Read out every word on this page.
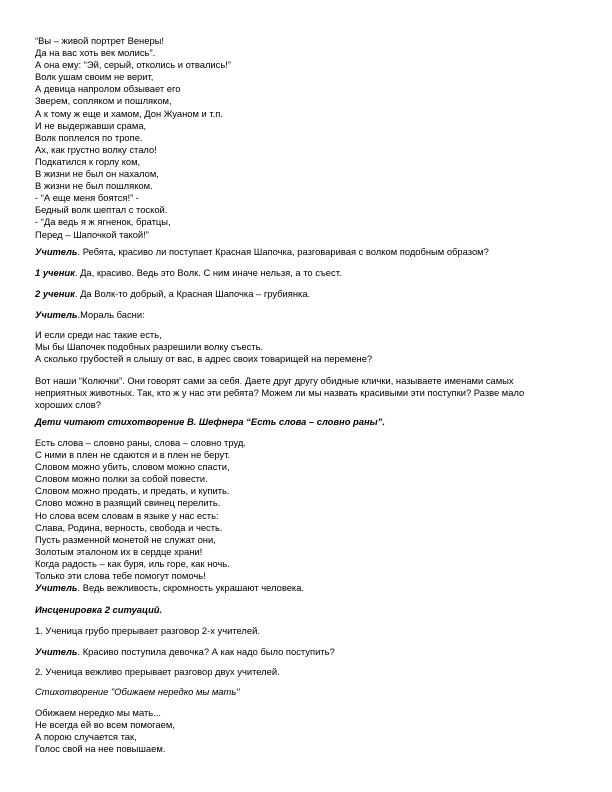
“Вы – живой портрет Венеры!
Да на вас хоть век молись”.
А она ему: “Эй, серый, отколись и отвались!”
Волк ушам своим не верит,
А девица напролом обзывает его
Зверем, сопляком и пошляком,
А к тому ж еще и хамом, Дон Жуаном и т.п.
И не выдержавши срама,
Волк поплелся по тропе.
Ах, как грустно волку стало!
Подкатился к горлу ком,
В жизни не был он нахалом,
В жизни не был пошляком.
- “А еще меня боятся!” -
Бедный волк шептал с тоской.
- “Да ведь я ж ягненок, братцы,
Перед – Шапочкой такой!”
Учитель. Ребята, красиво ли поступает Красная Шапочка, разговаривая с волком подобным образом?
1 ученик. Да, красиво. Ведь это Волк. С ним иначе нельзя, а то съест.
2 ученик. Да Волк-то добрый, а Красная Шапочка – грубиянка.
Учитель.Мораль басни:
И если среди нас такие есть,
Мы бы Шапочек подобных разрешили волку съесть.
А сколько грубостей я слышу от вас, в адрес своих товарищей на перемене?
Вот наши “Колючки”. Они говорят сами за себя. Даете друг другу обидные клички, называете именами самых
неприятных животных. Так, кто ж у нас эти ребята? Можем ли мы назвать красивыми эти поступки? Разве мало
хороших слов?
Дети читают стихотворение В. Шефнера “Есть слова – словно раны”.
Есть слова – словно раны, слова – словно труд.
С ними в плен не сдаются и в плен не берут.
Словом можно убить, словом можно спасти,
Словом можно полки за собой повести.
Словом можно продать, и предать, и купить.
Слово можно в разящий свинец перелить.
Но слова всем словам в языке у нас есть:
Слава, Родина, верность, свобода и честь.
Пусть разменной монетой не служат они,
Золотым эталоном их в сердце храни!
Когда радость – как буря, иль горе, как ночь.
Только эти слова тебе помогут помочь!
Учитель. Ведь вежливость, скромность украшают человека.
Инсценировка 2 ситуаций.
1. Ученица грубо прерывает разговор 2-х учителей.
Учитель. Красиво поступила девочка? А как надо было поступить?
2. Ученица вежливо прерывает разговор двух учителей.
Стихотворение "Обижаем нередко мы мать"
Обижаем нередко мы мать...
Не всегда ей во всем помогаем,
А порою случается так,
Голос свой на нее повышаем.
